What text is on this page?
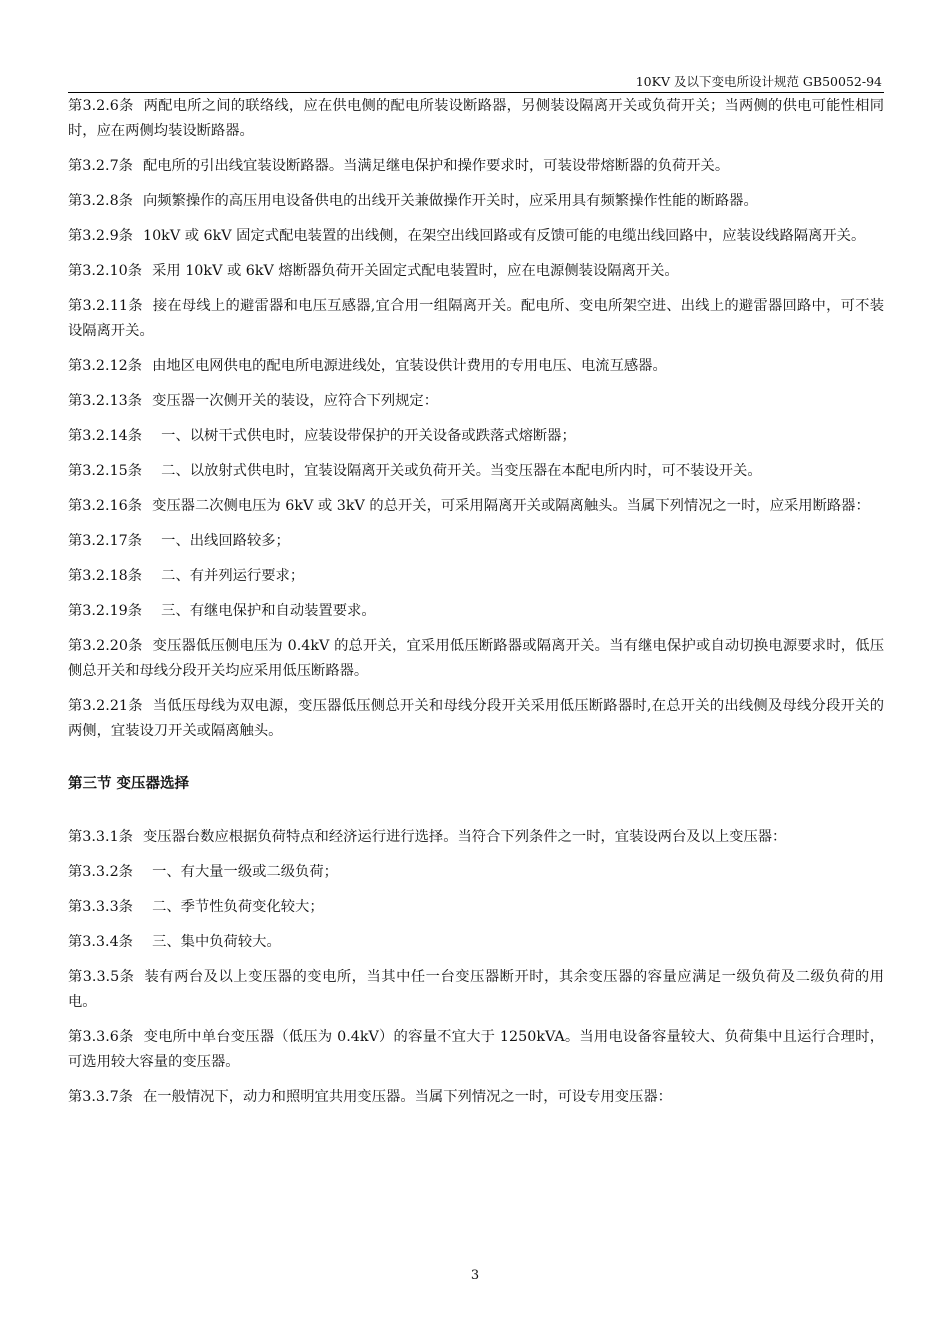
10KV 及以下变电所设计规范 GB50052-94

第3.2.6条 两配电所之间的联络线，应在供电侧的配电所装设断路器，另侧装设隔离开关或负荷开关；当两侧的供电可能性相同时，应在两侧均装设断路器。

第3.2.7条 配电所的引出线宜装设断路器。当满足继电保护和操作要求时，可装设带熔断器的负荷开关。

第3.2.8条 向频繁操作的高压用电设备供电的出线开关兼做操作开关时，应采用具有频繁操作性能的断路器。

第3.2.9条 10kV 或 6kV 固定式配电装置的出线侧，在架空出线回路或有反馈可能的电缆出线回路中，应装设线路隔离开关。

第3.2.10条 采用 10kV 或 6kV 熔断器负荷开关固定式配电装置时，应在电源侧装设隔离开关。

第3.2.11条 接在母线上的避雷器和电压互感器,宜合用一组隔离开关。配电所、变电所架空进、出线上的避雷器回路中，可不装设隔离开关。

第3.2.12条 由地区电网供电的配电所电源进线处，宜装设供计费用的专用电压、电流互感器。

第3.2.13条 变压器一次侧开关的装设，应符合下列规定：

第3.2.14条  一、以树干式供电时，应装设带保护的开关设备或跌落式熔断器；

第3.2.15条  二、以放射式供电时，宜装设隔离开关或负荷开关。当变压器在本配电所内时，可不装设开关。

第3.2.16条 变压器二次侧电压为 6kV 或 3kV 的总开关，可采用隔离开关或隔离触头。当属下列情况之一时，应采用断路器：

第3.2.17条  一、出线回路较多；

第3.2.18条  二、有并列运行要求；

第3.2.19条  三、有继电保护和自动装置要求。

第3.2.20条 变压器低压侧电压为 0.4kV 的总开关，宜采用低压断路器或隔离开关。当有继电保护或自动切换电源要求时，低压侧总开关和母线分段开关均应采用低压断路器。

第3.2.21条 当低压母线为双电源，变压器低压侧总开关和母线分段开关采用低压断路器时,在总开关的出线侧及母线分段开关的两侧，宜装设刀开关或隔离触头。

第三节 变压器选择

第3.3.1条 变压器台数应根据负荷特点和经济运行进行选择。当符合下列条件之一时，宜装设两台及以上变压器：

第3.3.2条  一、有大量一级或二级负荷；

第3.3.3条  二、季节性负荷变化较大；

第3.3.4条  三、集中负荷较大。

第3.3.5条 装有两台及以上变压器的变电所，当其中任一台变压器断开时，其余变压器的容量应满足一级负荷及二级负荷的用电。

第3.3.6条 变电所中单台变压器（低压为 0.4kV）的容量不宜大于 1250kVA。当用电设备容量较大、负荷集中且运行合理时，可选用较大容量的变压器。

第3.3.7条 在一般情况下，动力和照明宜共用变压器。当属下列情况之一时，可设专用变压器：

3
